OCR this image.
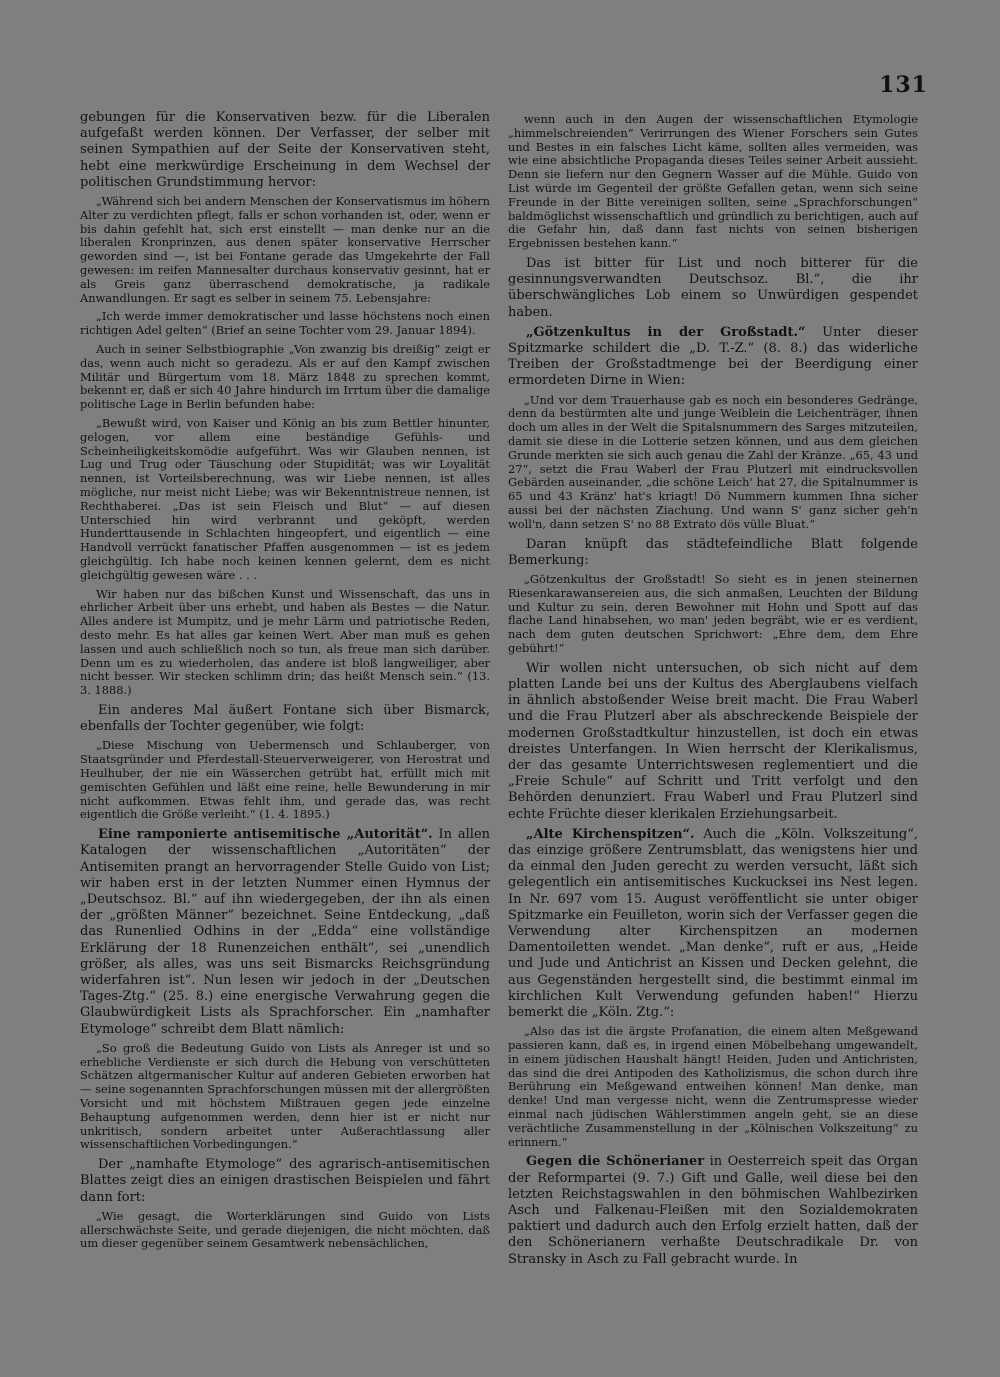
131

gebungen für die Konservativen bezw. für die Liberalen aufgefaßt werden können. Der Verfasser, der selber mit seinen Sympathien auf der Seite der Konservativen steht, hebt eine merkwürdige Erscheinung in dem Wechsel der politischen Grundstimmung hervor:

„Während sich bei andern Menschen der Konservatismus im höhern Alter zu verdichten pflegt, falls er schon vorhanden ist, oder, wenn er bis dahin gefehlt hat, sich erst einstellt — man denke nur an die liberalen Kronprinzen, aus denen später konservative Herrscher geworden sind —, ist bei Fontane gerade das Umgekehrte der Fall gewesen: im reifen Mannesalter durchaus konservativ gesinnt, hat er als Greis ganz überraschend demokratische, ja radikale Anwandlungen. Er sagt es selber in seinem 75. Lebensjahre:

„Ich werde immer demokratischer und lasse höchstens noch einen richtigen Adel gelten“ (Brief an seine Tochter vom 29. Januar 1894).

Auch in seiner Selbstbiographie „Von zwanzig bis dreißig“ zeigt er das, wenn auch nicht so geradezu. Als er auf den Kampf zwischen Militär und Bürgertum vom 18. März 1848 zu sprechen kommt, bekennt er, daß er sich 40 Jahre hindurch im Irrtum über die damalige politische Lage in Berlin befunden habe:

„Bewußt wird, von Kaiser und König an bis zum Bettler hinunter, gelogen, vor allem eine beständige Gefühls- und Scheinheiligkeitskomödie aufgeführt. Was wir Glauben nennen, ist Lug und Trug oder Täuschung oder Stupidität; was wir Loyalität nennen, ist Vorteilsberechnung, was wir Liebe nennen, ist alles mögliche, nur meist nicht Liebe; was wir Bekenntnistreue nennen, ist Rechthaberei. „Das ist sein Fleisch und Blut“ — auf diesen Unterschied hin wird verbrannt und geköpft, werden Hunderttausende in Schlachten hingeopfert, und eigentlich — eine Handvoll verrückt fanatischer Pfaffen ausgenommen — ist es jedem gleichgültig. Ich habe noch keinen kennen gelernt, dem es nicht gleichgültig gewesen wäre . . .

Wir haben nur das bißchen Kunst und Wissenschaft, das uns in ehrlicher Arbeit über uns erhebt, und haben als Bestes — die Natur. Alles andere ist Mumpitz, und je mehr Lärm und patriotische Reden, desto mehr. Es hat alles gar keinen Wert. Aber man muß es gehen lassen und auch schließlich noch so tun, als freue man sich darüber. Denn um es zu wiederholen, das andere ist bloß langweiliger, aber nicht besser. Wir stecken schlimm drin; das heißt Mensch sein.“ (13. 3. 1888.)

Ein anderes Mal äußert Fontane sich über Bismarck, ebenfalls der Tochter gegenüber, wie folgt:

„Diese Mischung von Uebermensch und Schlauberger, von Staatsgründer und Pferdestall-Steuerverweigerer, von Herostrat und Heulhuber, der nie ein Wässerchen getrübt hat, erfüllt mich mit gemischten Gefühlen und läßt eine reine, helle Bewunderung in mir nicht aufkommen. Etwas fehlt ihm, und gerade das, was recht eigentlich die Größe verleiht.“ (1. 4. 1895.)

Eine ramponierte antisemitische „Autorität“. In allen Katalogen der wissenschaftlichen „Autoritäten“ der Antisemiten prangt an hervorragender Stelle Guido von List; wir haben erst in der letzten Nummer einen Hymnus der „Deutschsoz. Bl.“ auf ihn wiedergegeben, der ihn als einen der „größten Männer“ bezeichnet. Seine Entdeckung, „daß das Runenlied Odhins in der „Edda“ eine vollständige Erklärung der 18 Runenzeichen enthält“, sei „unendlich größer, als alles, was uns seit Bismarcks Reichsgründung widerfahren ist“. Nun lesen wir jedoch in der „Deutschen Tages-Ztg.“ (25. 8.) eine energische Verwahrung gegen die Glaubwürdigkeit Lists als Sprachforscher. Ein „namhafter Etymologe“ schreibt dem Blatt nämlich:

„So groß die Bedeutung Guido von Lists als Anreger ist und so erhebliche Verdienste er sich durch die Hebung von verschütteten Schätzen altgermanischer Kultur auf anderen Gebieten erworben hat — seine sogenannten Sprachforschungen müssen mit der allergrößten Vorsicht und mit höchstem Mißtrauen gegen jede einzelne Behauptung aufgenommen werden, denn hier ist er nicht nur unkritisch, sondern arbeitet unter Außerachtlassung aller wissenschaftlichen Vorbedingungen.“

Der „namhafte Etymologe“ des agrarisch-antisemitischen Blattes zeigt dies an einigen drastischen Beispielen und fährt dann fort:

„Wie gesagt, die Worterklärungen sind Guido von Lists allerschwächste Seite, und gerade diejenigen, die nicht möchten, daß um dieser gegenüber seinem Gesamtwerk nebensächlichen,

wenn auch in den Augen der wissenschaftlichen Etymologie „himmelschreienden“ Verirrungen des Wiener Forschers sein Gutes und Bestes in ein falsches Licht käme, sollten alles vermeiden, was wie eine absichtliche Propaganda dieses Teiles seiner Arbeit aussieht. Denn sie liefern nur den Gegnern Wasser auf die Mühle. Guido von List würde im Gegenteil der größte Gefallen getan, wenn sich seine Freunde in der Bitte vereinigen sollten, seine „Sprachforschungen“ baldmöglichst wissenschaftlich und gründlich zu berichtigen, auch auf die Gefahr hin, daß dann fast nichts von seinen bisherigen Ergebnissen bestehen kann.“

Das ist bitter für List und noch bitterer für die gesinnungsverwandten Deutschsoz. Bl.“, die ihr überschwängliches Lob einem so Unwürdigen gespendet haben.

„Götzenkultus in der Großstadt.“ Unter dieser Spitzmarke schildert die „D. T.-Z.“ (8. 8.) das widerliche Treiben der Großstadtmenge bei der Beerdigung einer ermordeten Dirne in Wien:

„Und vor dem Trauerhause gab es noch ein besonderes Gedränge, denn da bestürmten alte und junge Weiblein die Leichenträger, ihnen doch um alles in der Welt die Spitalsnummern des Sarges mitzuteilen, damit sie diese in die Lotterie setzen können, und aus dem gleichen Grunde merkten sie sich auch genau die Zahl der Kränze. „65, 43 und 27“, setzt die Frau Waberl der Frau Plutzerl mit eindrucksvollen Gebärden auseinander, „die schöne Leich' hat 27, die Spitalnummer is 65 und 43 Kränz' hat's kriagt! Dö Nummern kummen Ihna sicher aussi bei der nächsten Ziachung. Und wann S' ganz sicher geh'n woll'n, dann setzen S' no 88 Extrato dös vülle Bluat.“

Daran knüpft das städtefeindliche Blatt folgende Bemerkung:

„Götzenkultus der Großstadt! So sieht es in jenen steinernen Riesenkarawansereien aus, die sich anmaßen, Leuchten der Bildung und Kultur zu sein, deren Bewohner mit Hohn und Spott auf das flache Land hinabsehen, wo man' jeden begräbt, wie er es verdient, nach dem guten deutschen Sprichwort: „Ehre dem, dem Ehre gebührt!“

Wir wollen nicht untersuchen, ob sich nicht auf dem platten Lande bei uns der Kultus des Aberglaubens vielfach in ähnlich abstoßender Weise breit macht. Die Frau Waberl und die Frau Plutzerl aber als abschreckende Beispiele der modernen Großstadtkultur hinzustellen, ist doch ein etwas dreistes Unterfangen. In Wien herrscht der Klerikalismus, der das gesamte Unterrichtswesen reglementiert und die „Freie Schule“ auf Schritt und Tritt verfolgt und den Behörden denunziert. Frau Waberl und Frau Plutzerl sind echte Früchte dieser klerikalen Erziehungsarbeit.

„Alte Kirchenspitzen“. Auch die „Köln. Volkszeitung“, das einzige größere Zentrumsblatt, das wenigstens hier und da einmal den Juden gerecht zu werden versucht, läßt sich gelegentlich ein antisemitisches Kuckucksei ins Nest legen. In Nr. 697 vom 15. August veröffentlicht sie unter obiger Spitzmarke ein Feuilleton, worin sich der Verfasser gegen die Verwendung alter Kirchenspitzen an modernen Damentoiletten wendet. „Man denke“, ruft er aus, „Heide und Jude und Antichrist an Kissen und Decken gelehnt, die aus Gegenständen hergestellt sind, die bestimmt einmal im kirchlichen Kult Verwendung gefunden haben!“ Hierzu bemerkt die „Köln. Ztg.“:

„Also das ist die ärgste Profanation, die einem alten Meßgewand passieren kann, daß es, in irgend einen Möbelbehang umgewandelt, in einem jüdischen Haushalt hängt! Heiden, Juden und Antichristen, das sind die drei Antipoden des Katholizismus, die schon durch ihre Berührung ein Meßgewand entweihen können! Man denke, man denke! Und man vergesse nicht, wenn die Zentrumspresse wieder einmal nach jüdischen Wählerstimmen angeln geht, sie an diese verächtliche Zusammenstellung in der „Kölnischen Volkszeitung“ zu erinnern.“

Gegen die Schönerianer in Oesterreich speit das Organ der Reformpartei (9. 7.) Gift und Galle, weil diese bei den letzten Reichstagswahlen in den böhmischen Wahlbezirken Asch und Falkenau-Fleißen mit den Sozialdemokraten paktiert und dadurch auch den Erfolg erzielt hatten, daß der den Schönerianern verhaßte Deutschradikale Dr. von Stransky in Asch zu Fall gebracht wurde. In
